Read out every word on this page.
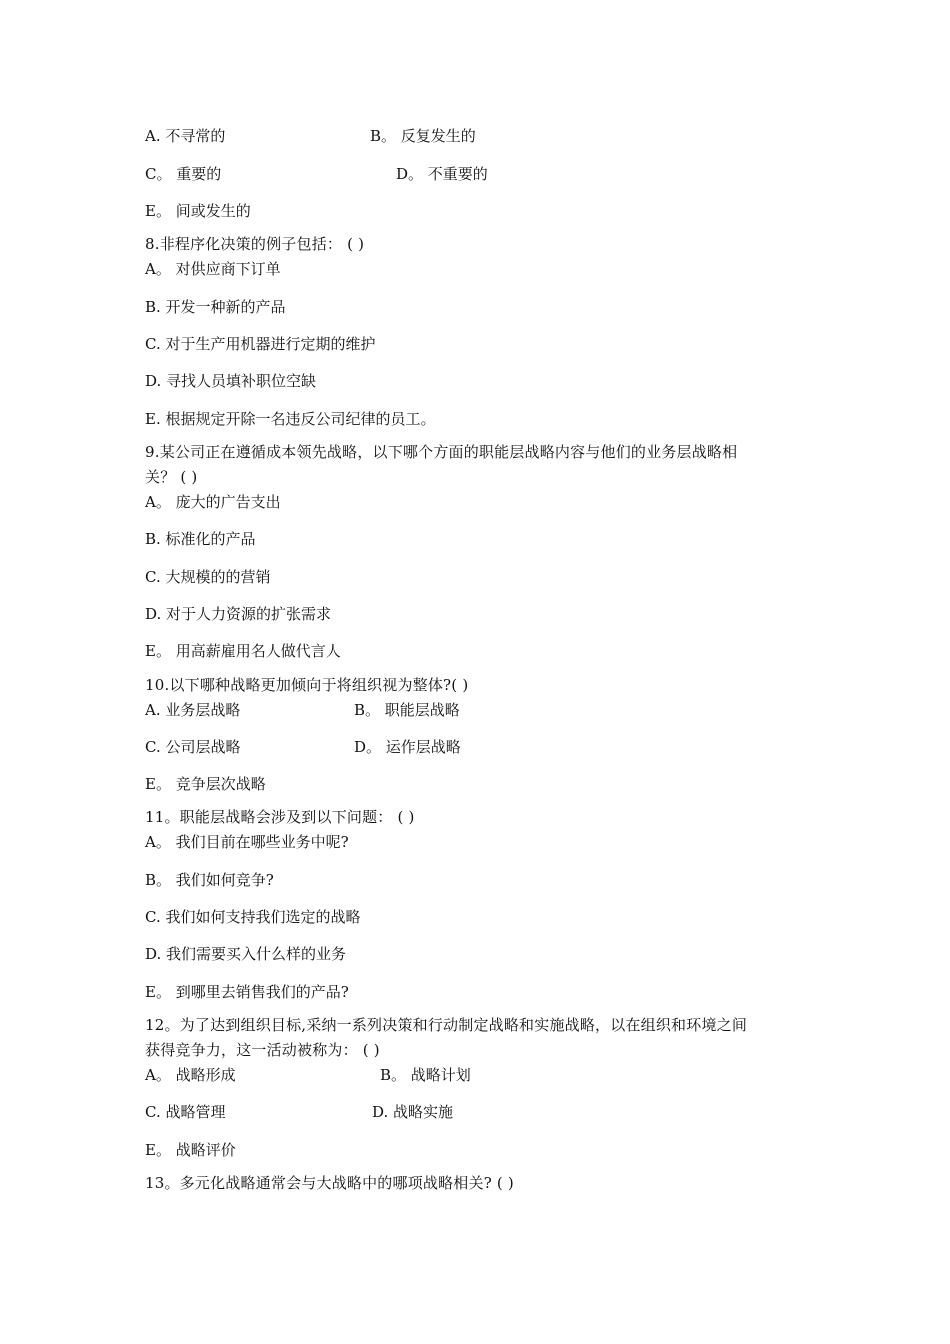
A. 不寻常的	B。 反复发生的
C。 重要的	D。 不重要的
E。 间或发生的
8.非程序化决策的例子包括： ( )
A。 对供应商下订单
B. 开发一种新的产品
C. 对于生产用机器进行定期的维护
D. 寻找人员填补职位空缺
E. 根据规定开除一名违反公司纪律的员工。
9.某公司正在遵循成本领先战略，以下哪个方面的职能层战略内容与他们的业务层战略相
关？ ( )
A。 庞大的广告支出
B. 标准化的产品
C. 大规模的的营销
D. 对于人力资源的扩张需求
E。 用高薪雇用名人做代言人
10.以下哪种战略更加倾向于将组织视为整体?( )
A. 业务层战略	B。 职能层战略
C. 公司层战略	D。 运作层战略
E。 竞争层次战略
11。职能层战略会涉及到以下问题： ( )
A。 我们目前在哪些业务中呢?
B。 我们如何竞争?
C. 我们如何支持我们选定的战略
D. 我们需要买入什么样的业务
E。 到哪里去销售我们的产品?
12。为了达到组织目标,采纳一系列决策和行动制定战略和实施战略，以在组织和环境之间
获得竞争力，这一活动被称为： ( )
A。 战略形成	B。 战略计划
C. 战略管理	D. 战略实施
E。 战略评价
13。多元化战略通常会与大战略中的哪项战略相关? ( )
